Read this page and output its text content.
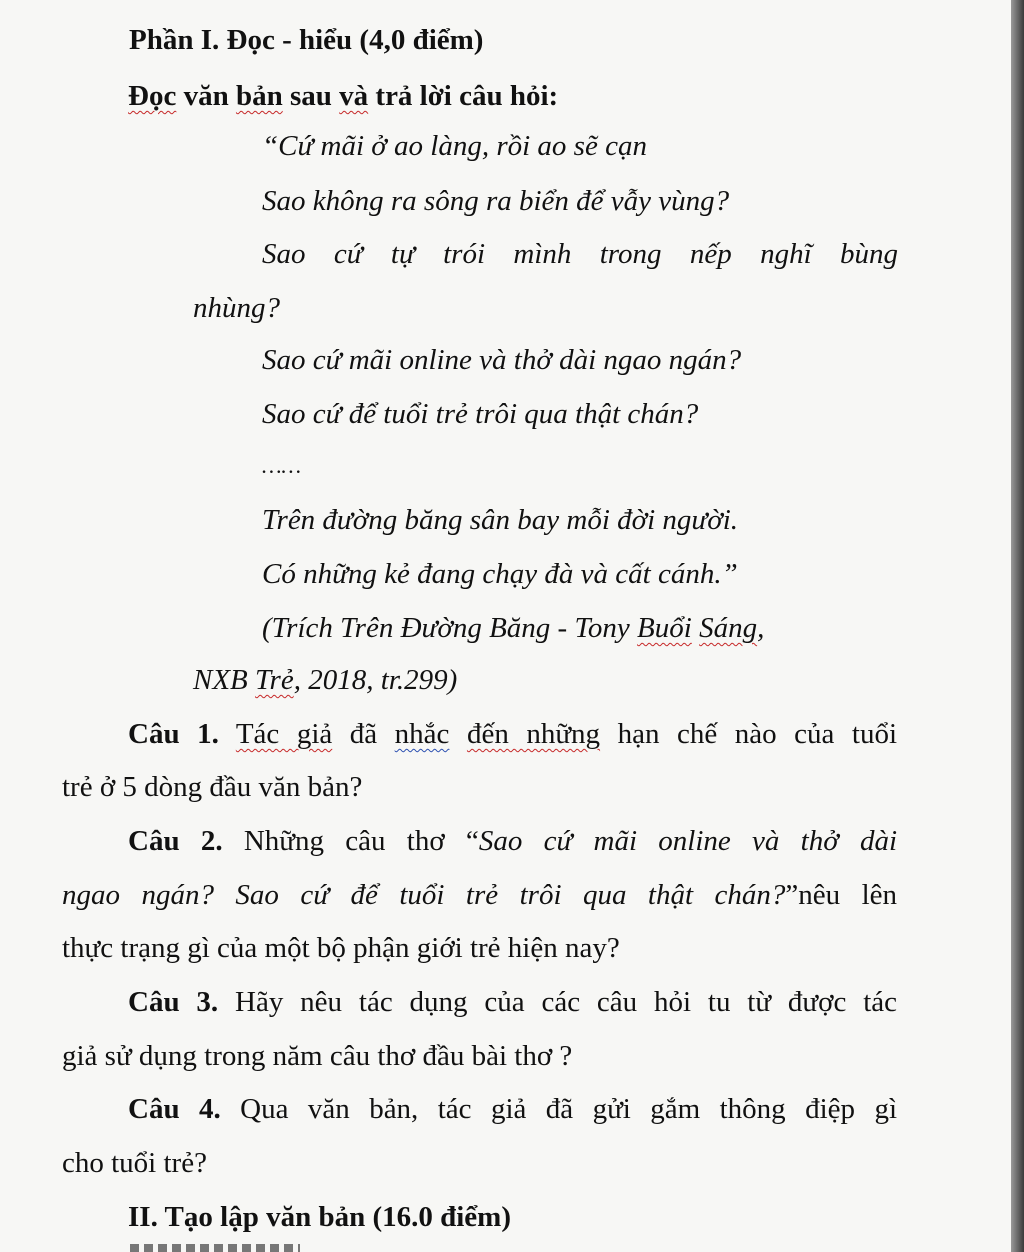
Phần I. Đọc - hiểu (4,0 điểm)

Đọc văn bản sau và trả lời câu hỏi:

“Cứ mãi ở ao làng, rồi ao sẽ cạn

Sao không ra sông ra biển để vẫy vùng?

Sao cứ tự trói mình trong nếp nghĩ bùng

nhùng?

Sao cứ mãi online và thở dài ngao ngán?

Sao cứ để tuổi trẻ trôi qua thật chán?

……

Trên đường băng sân bay mỗi đời người.

Có những kẻ đang chạy đà và cất cánh.”

(Trích Trên Đường Băng - Tony Buổi Sáng,

NXB Trẻ, 2018, tr.299)

Câu 1. Tác giả đã nhắc đến những hạn chế nào của tuổi

trẻ ở 5 dòng đầu văn bản?

Câu 2. Những câu thơ “Sao cứ mãi online và thở dài

ngao ngán? Sao cứ để tuổi trẻ trôi qua thật chán?”nêu lên

thực trạng gì của một bộ phận giới trẻ hiện nay?

Câu 3. Hãy nêu tác dụng của các câu hỏi tu từ được tác

giả sử dụng trong năm câu thơ đầu bài thơ ?

Câu 4. Qua văn bản, tác giả đã gửi gắm thông điệp gì

cho tuổi trẻ?

II. Tạo lập văn bản (16.0 điểm)
